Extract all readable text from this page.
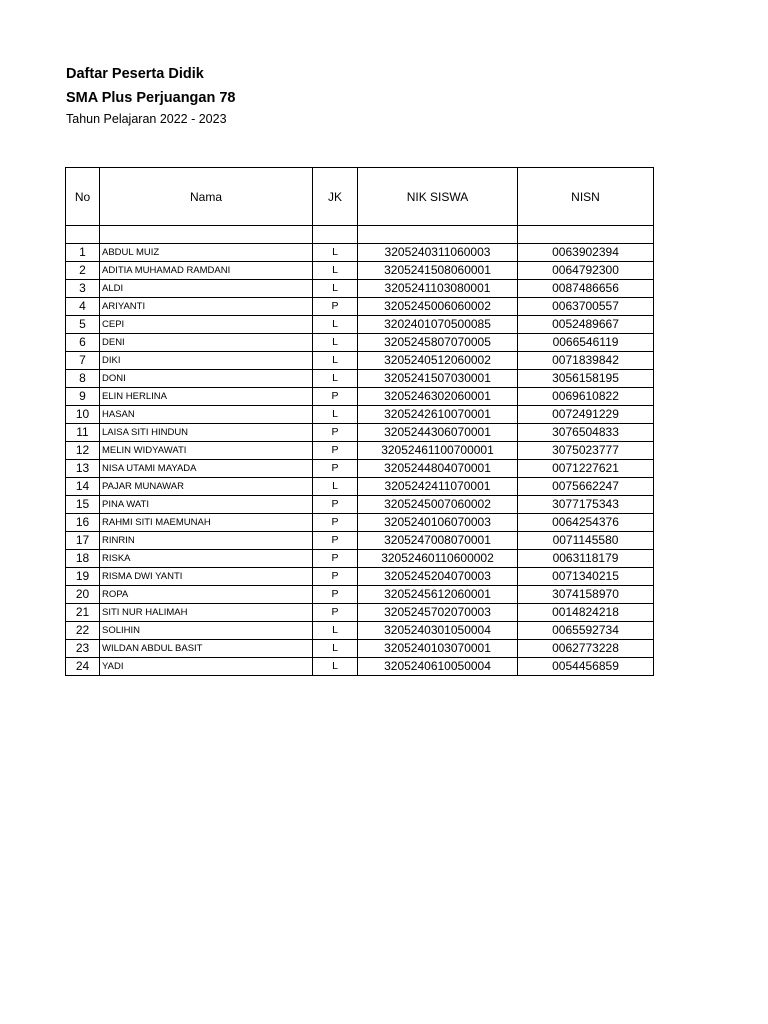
Daftar Peserta Didik
SMA Plus Perjuangan 78
Tahun Pelajaran 2022 - 2023
No	Nama	JK	NIK SISWA	NISN

1	ABDUL MUIZ	L	3205240311060003	0063902394
2	ADITIA MUHAMAD RAMDANI	L	3205241508060001	0064792300
3	ALDI	L	3205241103080001	0087486656
4	ARIYANTI	P	3205245006060002	0063700557
5	CEPI	L	3202401070500085	0052489667
6	DENI	L	3205245807070005	0066546119
7	DIKI	L	3205240512060002	0071839842
8	DONI	L	3205241507030001	3056158195
9	ELIN HERLINA	P	3205246302060001	0069610822
10	HASAN	L	3205242610070001	0072491229
11	LAISA SITI HINDUN	P	3205244306070001	3076504833
12	MELIN WIDYAWATI	P	32052461100700001	3075023777
13	NISA UTAMI MAYADA	P	3205244804070001	0071227621
14	PAJAR MUNAWAR	L	3205242411070001	0075662247
15	PINA WATI	P	3205245007060002	3077175343
16	RAHMI SITI MAEMUNAH	P	3205240106070003	0064254376
17	RINRIN	P	3205247008070001	0071145580
18	RISKA	P	32052460110600002	0063118179
19	RISMA DWI YANTI	P	3205245204070003	0071340215
20	ROPA	P	3205245612060001	3074158970
21	SITI NUR HALIMAH	P	3205245702070003	0014824218
22	SOLIHIN	L	3205240301050004	0065592734
23	WILDAN ABDUL BASIT	L	3205240103070001	0062773228
24	YADI	L	3205240610050004	0054456859
